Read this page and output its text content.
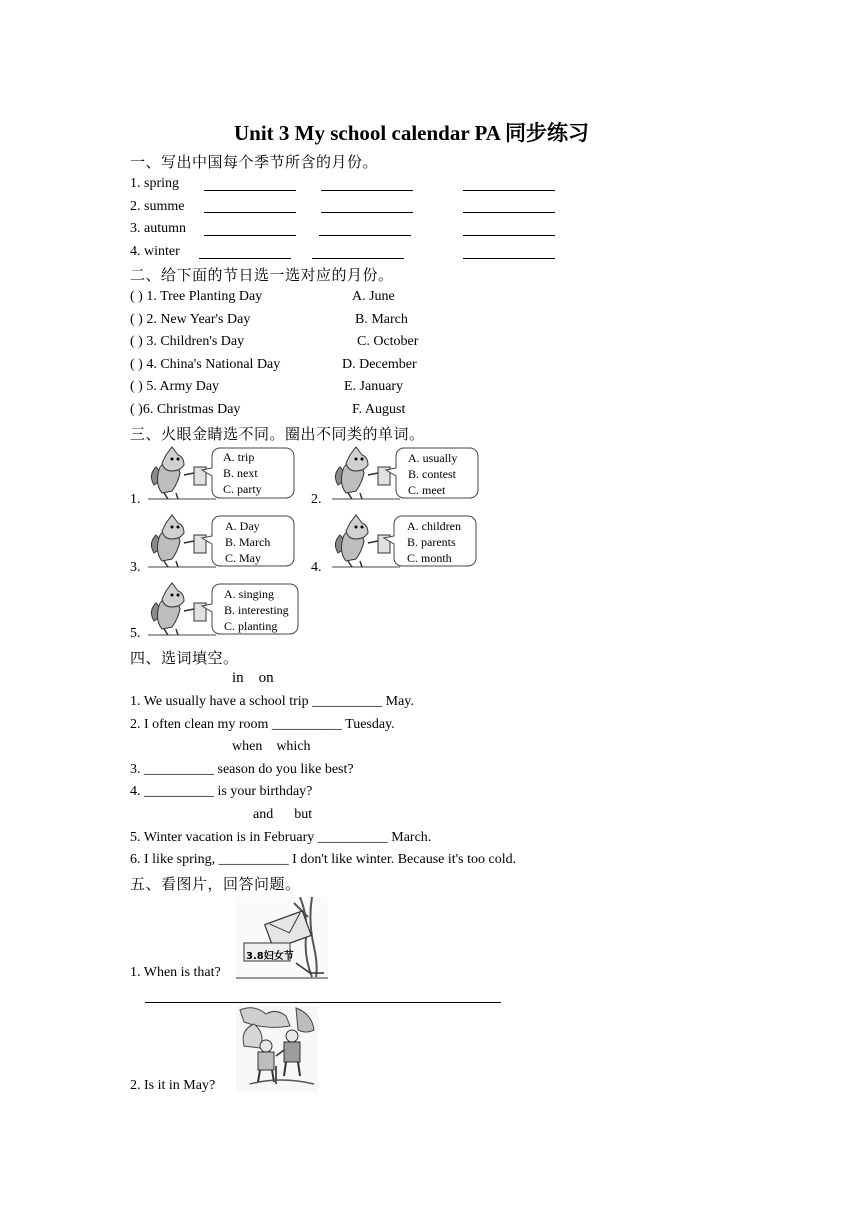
Unit 3 My school calendar PA 同步练习
一、写出中国每个季节所含的月份。
1. spring
2. summe
3. autumn
4. winter
二、给下面的节日选一选对应的月份。
( ) 1. Tree Planting Day	A. June
( ) 2. New Year's Day	B. March
( ) 3. Children's Day	C. October
( ) 4. China's National Day	D. December
( ) 5. Army Day	E. January
( )6. Christmas Day	F. August
三、火眼金睛选不同。圈出不同类的单词。
1.
A. trip
B. next
C. party
2.
A. usually
B. contest
C. meet
3.
A. Day
B. March
C. May
4.
A. children
B. parents
C. month
5.
A. singing
B. interesting
C. planting
四、选词填空。
in    on
1. We usually have a school trip __________ May.
2. I often clean my room __________ Tuesday.
when    which
3. __________ season do you like best?
4. __________ is your birthday?
and      but
5. Winter vacation is in February __________ March.
6. I like spring, __________ I don't like winter. Because it's too cold.
五、看图片，回答问题。
1. When is that?
3.8妇女节
2. Is it in May?
